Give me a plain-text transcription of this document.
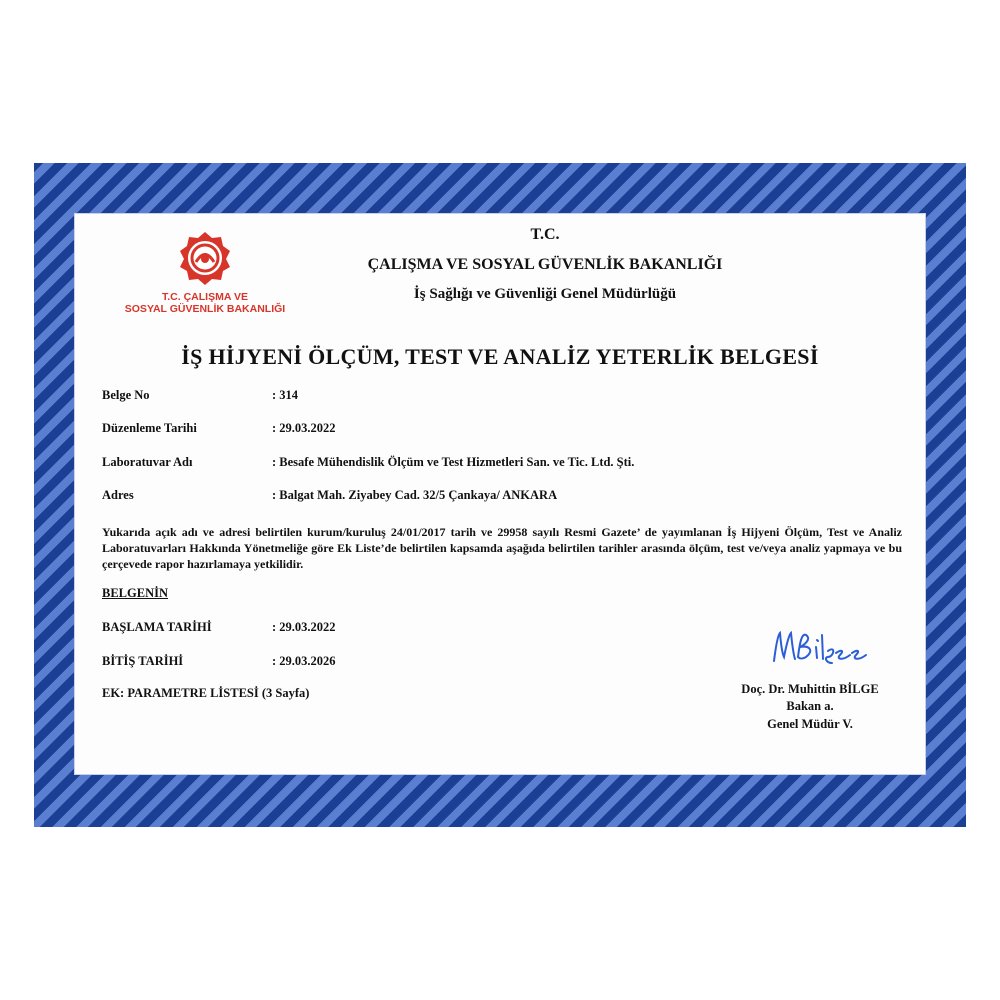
T.C. ÇALIŞMA VE
SOSYAL GÜVENLİK BAKANLIĞI
T.C.
ÇALIŞMA VE SOSYAL GÜVENLİK BAKANLIĞI
İş Sağlığı ve Güvenliği Genel Müdürlüğü
İŞ HİJYENİ ÖLÇÜM, TEST VE ANALİZ YETERLİK BELGESİ
Belge No	: 314
Düzenleme Tarihi	: 29.03.2022
Laboratuvar Adı	: Besafe Mühendislik Ölçüm ve Test Hizmetleri San. ve Tic. Ltd. Şti.
Adres	: Balgat Mah. Ziyabey Cad. 32/5 Çankaya/ ANKARA

Yukarıda açık adı ve adresi belirtilen kurum/kuruluş 24/01/2017 tarih ve 29958 sayılı Resmi Gazete’ de yayımlanan İş Hijyeni Ölçüm, Test ve Analiz Laboratuvarları Hakkında Yönetmeliğe göre Ek Liste’de belirtilen kapsamda aşağıda belirtilen tarihler arasında ölçüm, test ve/veya analiz yapmaya ve bu çerçevede rapor hazırlamaya yetkilidir.

BELGENİN
BAŞLAMA TARİHİ	: 29.03.2022
BİTİŞ TARİHİ	: 29.03.2026
EK: PARAMETRE LİSTESİ (3 Sayfa)	Doç. Dr. Muhittin BİLGE
Bakan a.
Genel Müdür V.
